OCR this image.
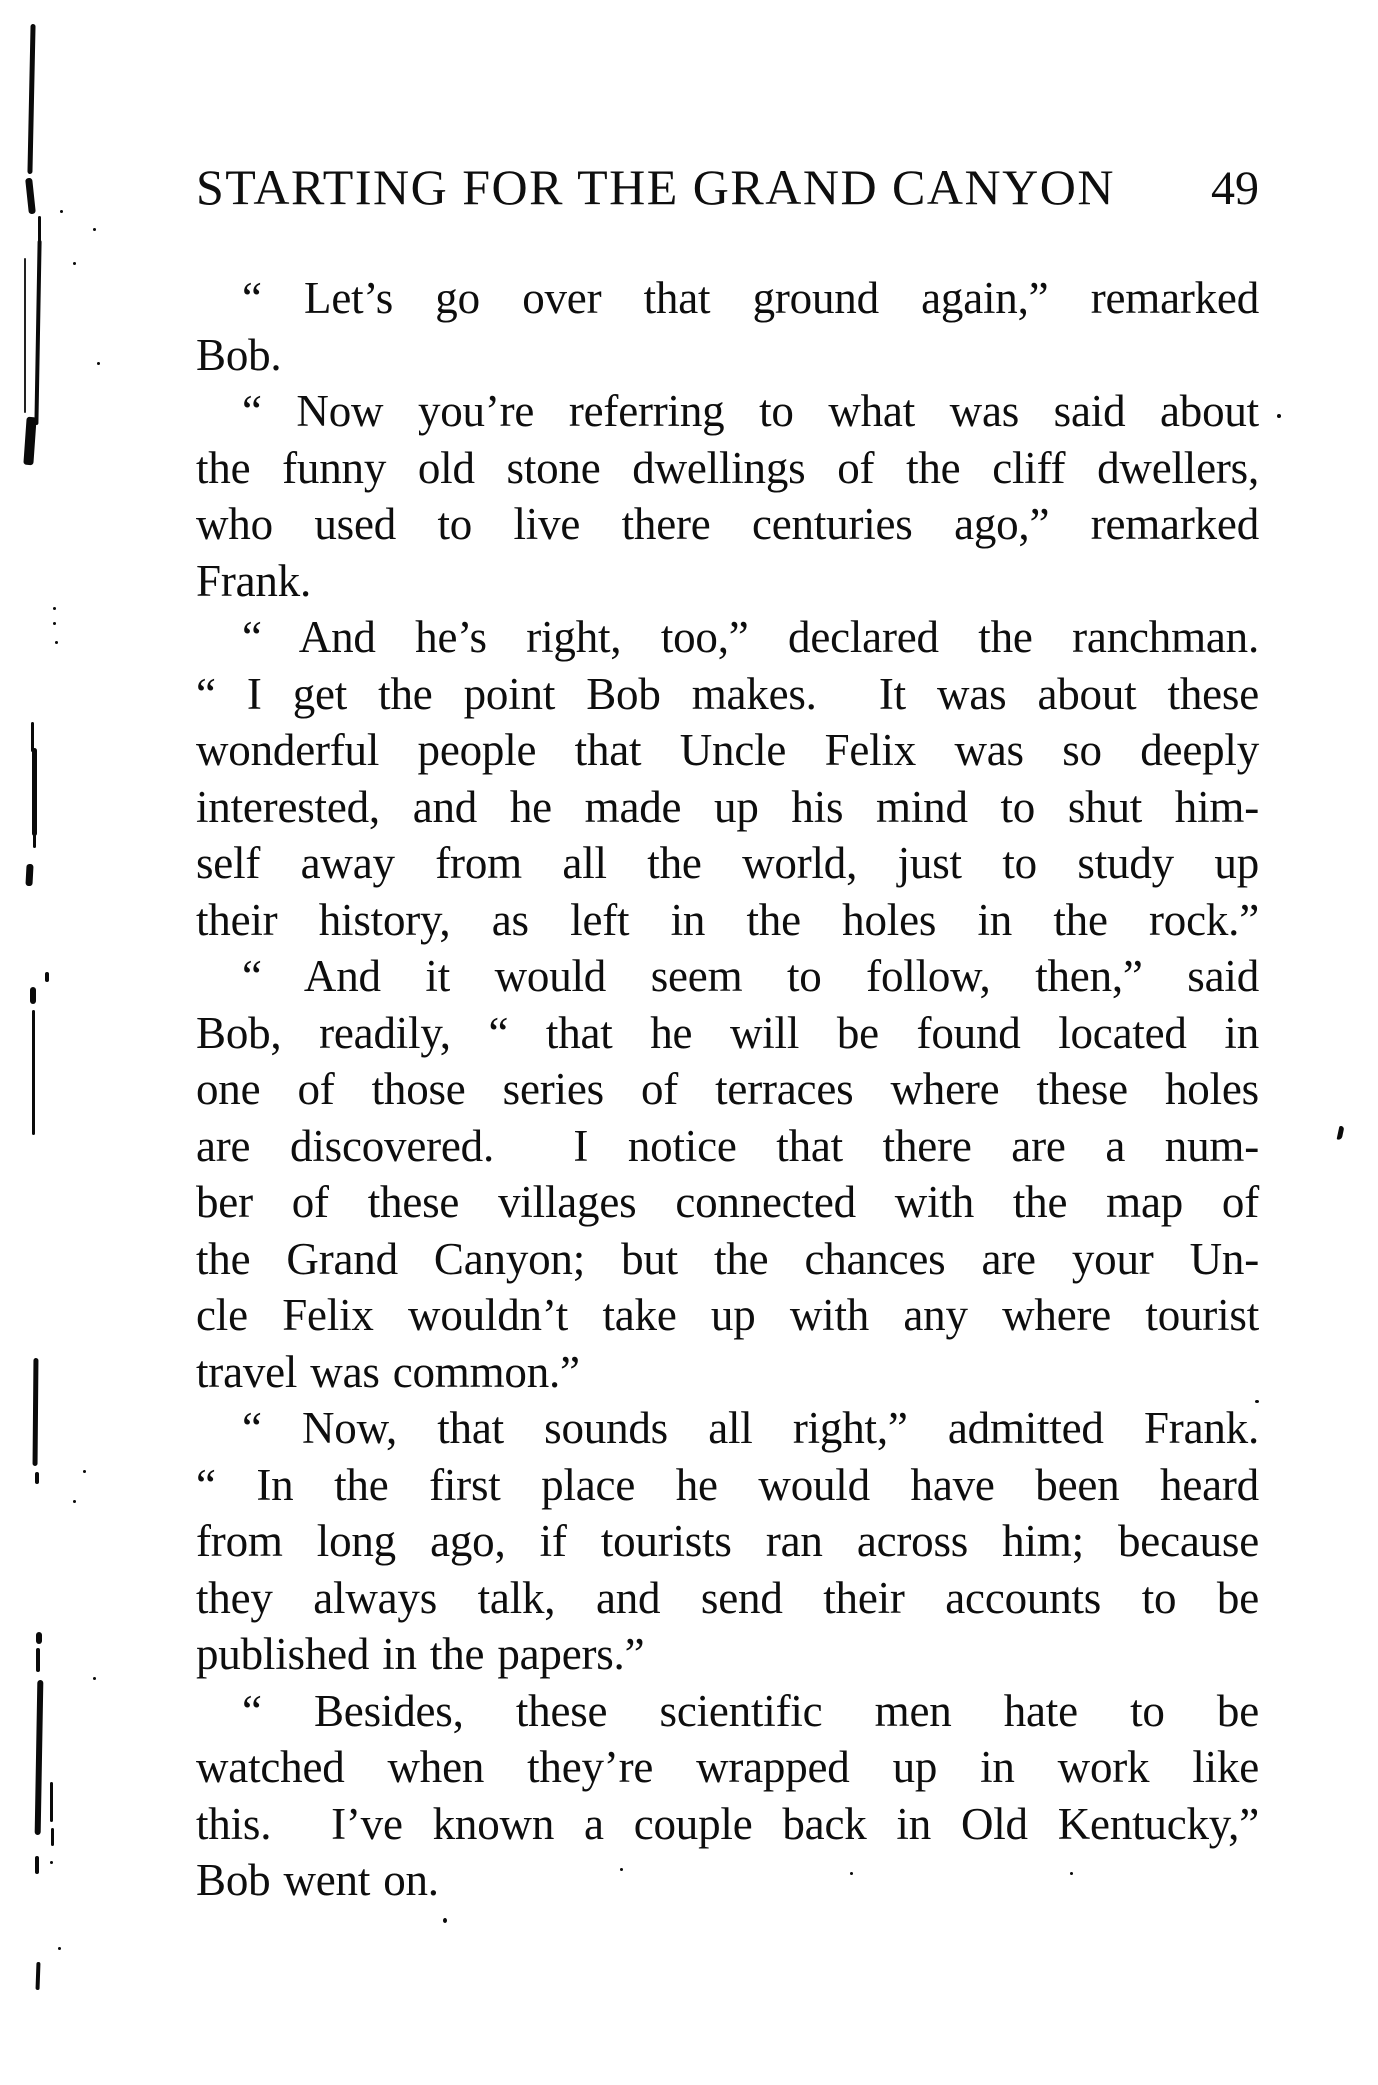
STARTING FOR THE GRAND CANYON 49
“ Let’s go over that ground again,” remarked
Bob.
“ Now you’re referring to what was said about
the funny old stone dwellings of the cliff dwellers,
who used to live there centuries ago,” remarked
Frank.
“ And he’s right, too,” declared the ranchman.
“ I get the point Bob makes.  It was about these
wonderful people that Uncle Felix was so deeply
interested, and he made up his mind to shut him-
self away from all the world, just to study up
their history, as left in the holes in the rock.”
“ And it would seem to follow, then,” said
Bob, readily, “ that he will be found located in
one of those series of terraces where these holes
are discovered.  I notice that there are a num-
ber of these villages connected with the map of
the Grand Canyon; but the chances are your Un-
cle Felix wouldn’t take up with any where tourist
travel was common.”
“ Now, that sounds all right,” admitted Frank.
“ In the first place he would have been heard
from long ago, if tourists ran across him; because
they always talk, and send their accounts to be
published in the papers.”
“ Besides, these scientific men hate to be
watched when they’re wrapped up in work like
this.  I’ve known a couple back in Old Kentucky,”
Bob went on.
